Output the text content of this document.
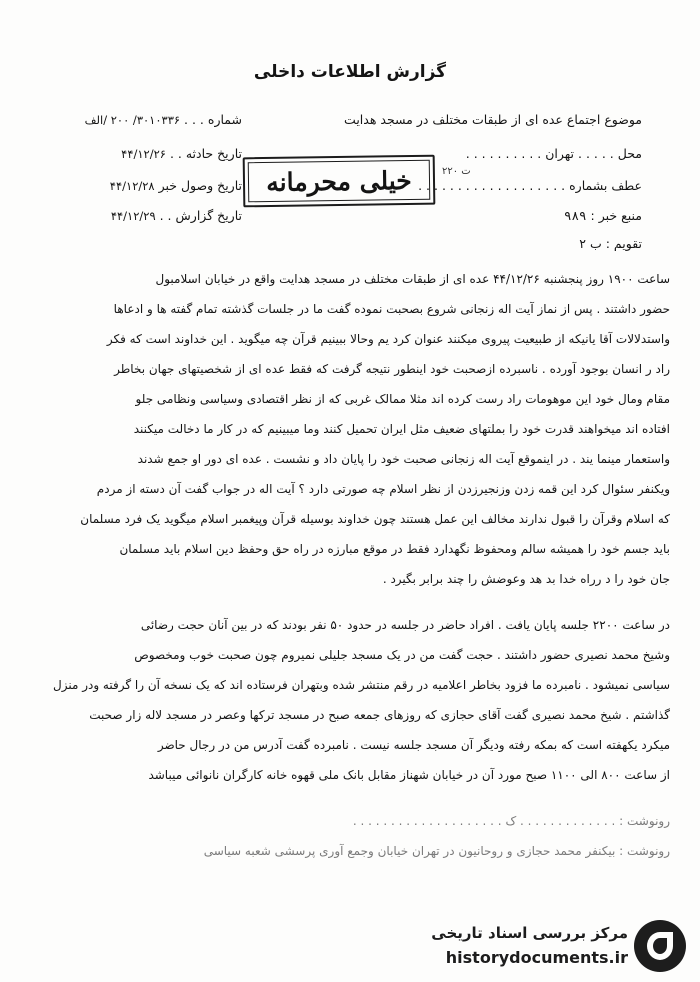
گزارش اطلاعات داخلی
موضوع اجتماع عده ای از طبقات مختلف در مسجد هدایت
محل . . . . . تهران . . . . . . . . . .
عطف بشماره . . . . . . . . . . . . . . . . . . .
منبع خبر : ۹۸۹
تقویم : ب ۲
شماره . . . ۳۰۱۰۳۳۶/ ۲۰۰ /الف
تاریخ حادثه . . ۴۴/۱۲/۲۶
تاریخ وصول خبر ۴۴/۱۲/۲۸
تاریخ گزارش . . ۴۴/۱۲/۲۹
خیلی محرمانه	ت ۲۲۰
ساعت ۱۹۰۰ روز پنجشنبه ۴۴/۱۲/۲۶ عده ای از طبقات مختلف در مسجد هدایت واقع در خیابان اسلامبول
حضور داشتند . پس از نماز آیت اله زنجانی شروع بصحبت نموده گفت ما در جلسات گذشته تمام گفته ها و ادعاها
واستدلالات آقا یانیکه از طبیعیت پیروی میکنند عنوان کرد یم وحالا ببینیم قرآن چه میگوید . این خداوند است که فکر
راد ر انسان بوجود آورده . ناسبرده ازصحبت خود اینطور نتیجه گرفت که فقط عده ای از شخصیتهای جهان بخاطر
مقام ومال خود این موهومات راد رست کرده اند مثلا ممالک غربی که از نظر اقتصادی وسیاسی ونظامی جلو
افتاده اند میخواهند قدرت خود را بملتهای ضعیف مثل ایران تحمیل کنند وما میبینیم که در کار ما دخالت میکنند
واستعمار مینما یند . در اینموقع آیت اله زنجانی صحبت خود را پایان داد و نشست . عده ای دور او جمع شدند
ویکنفر سئوال کرد این قمه زدن وزنجیرزدن از نظر اسلام چه صورتی دارد ؟ آیت اله در جواب گفت آن دسته از مردم
که اسلام وقرآن را قبول ندارند مخالف این عمل هستند چون خداوند بوسیله قرآن وپیغمبر اسلام میگوید یک فرد مسلمان
باید جسم خود را همیشه سالم ومحفوظ نگهدارد فقط در موقع مبارزه در راه حق وحفظ دین اسلام باید مسلمان
جان خود را د رراه خدا بد هد وعوضش را چند برابر بگیرد .
در ساعت ۲۲۰۰ جلسه پایان یافت . افراد حاضر در جلسه در حدود ۵۰ نفر بودند که در بین آنان حجت رضائی
وشیخ محمد نصیری حضور داشتند . حجت گفت من در یک مسجد جلیلی نمیروم چون صحبت خوب ومخصوص
سیاسی نمیشود . نامبرده ما فزود بخاطر اعلامیه در رقم منتشر شده وبتهران فرستاده اند که یک نسخه آن را گرفته ودر منزل
گذاشتم . شیخ محمد نصیری گفت آقای حجازی که روزهای جمعه صبح در مسجد ترکها وعصر در مسجد لاله زار صحبت
میکرد یکهفته است که بمکه رفته ودیگر آن مسجد جلسه نیست . نامبرده گفت آدرس من در رجال حاضر
از ساعت ۸۰۰ الی ۱۱۰۰ صبح مورد آن در خیابان شهناز مقابل بانک ملی قهوه خانه کارگران نانوائی میباشد
رونوشت : . . . . . . . . . . . . . ک . . . . . . . . . . . . . . . . . . . .
رونوشت : بیکنفر محمد حجازی و روحانیون در تهران خیابان وجمع آوری پرسشی شعبه سیاسی
مرکز بررسی اسناد تاریخی
historydocuments.ir
